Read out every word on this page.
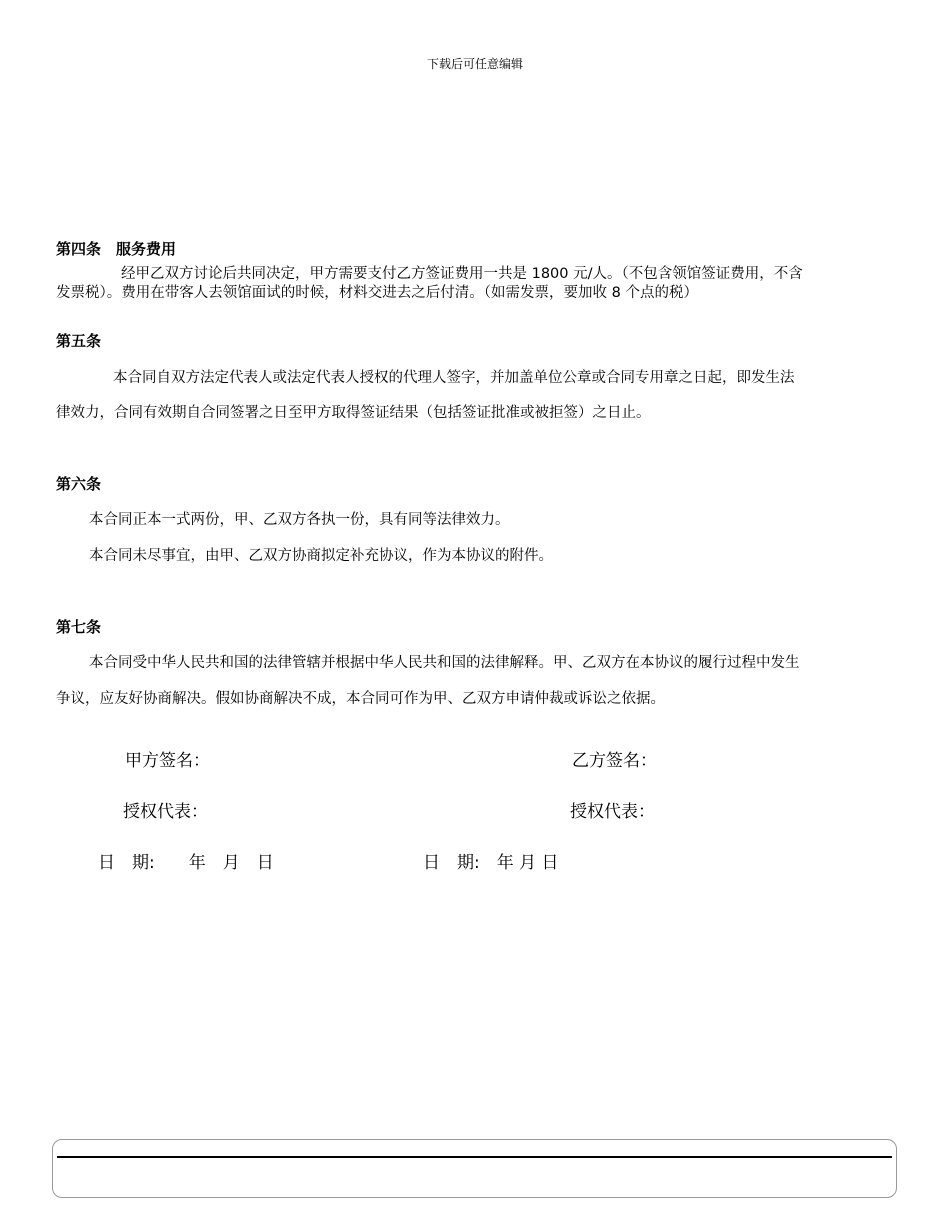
下载后可任意编辑
第四条　服务费用
经甲乙双方讨论后共同决定，甲方需要支付乙方签证费用一共是 1800 元/人。（不包含领馆签证费用，不含
发票税）。费用在带客人去领馆面试的时候，材料交进去之后付清。（如需发票，要加收 8 个点的税）
第五条
本合同自双方法定代表人或法定代表人授权的代理人签字，并加盖单位公章或合同专用章之日起，即发生法
律效力，合同有效期自合同签署之日至甲方取得签证结果（包括签证批准或被拒签）之日止。
第六条
本合同正本一式两份，甲、乙双方各执一份，具有同等法律效力。
本合同未尽事宜，由甲、乙双方协商拟定补充协议，作为本协议的附件。
第七条
本合同受中华人民共和国的法律管辖并根据中华人民共和国的法律解释。甲、乙双方在本协议的履行过程中发生
争议，应友好协商解决。假如协商解决不成，本合同可作为甲、乙双方申请仲裁或诉讼之依据。
甲方签名：	乙方签名：
授权代表：	授权代表：
日　期:　　年　月　日	日　期:　年 月 日
